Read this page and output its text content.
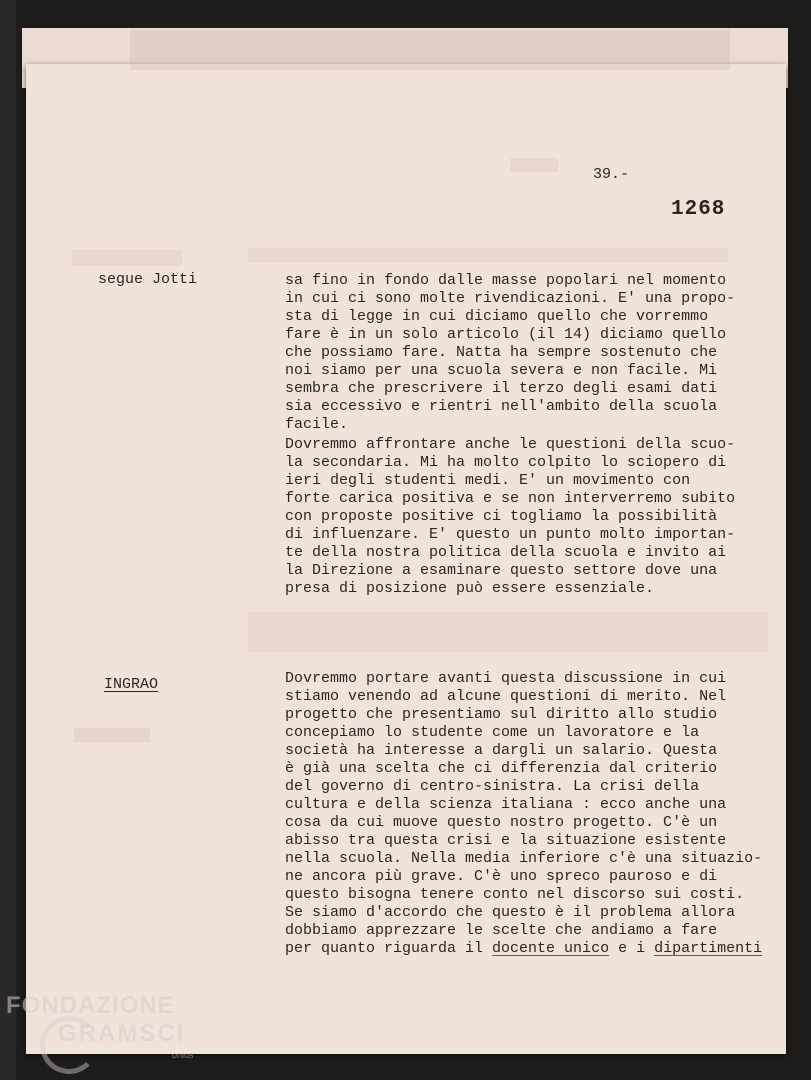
39.-
1268
segue Jotti	sa fino in fondo dalle masse popolari nel momento
in cui ci sono molte rivendicazioni. E' una propo-
sta di legge in cui diciamo quello che vorremmo
fare è in un solo articolo (il 14) diciamo quello
che possiamo fare. Natta ha sempre sostenuto che
noi siamo per una scuola severa e non facile. Mi
sembra che prescrivere il terzo degli esami dati
sia eccessivo e rientri nell'ambito della scuola
facile.
Dovremmo affrontare anche le questioni della scuo-
la secondaria. Mi ha molto colpito lo sciopero di
ieri degli studenti medi. E' un movimento con
forte carica positiva e se non interverremo subito
con proposte positive ci togliamo la possibilità
di influenzare. E' questo un punto molto importan-
te della nostra politica della scuola e invito ai
la Direzione a esaminare questo settore dove una
presa di posizione può essere essenziale.
INGRAO	Dovremmo portare avanti questa discussione in cui
stiamo venendo ad alcune questioni di merito. Nel
progetto che presentiamo sul diritto allo studio
concepiamo lo studente come un lavoratore e la
società ha interesse a dargli un salario. Questa
è già una scelta che ci differenzia dal criterio
del governo di centro-sinistra. La crisi della
cultura e della scienza italiana : ecco anche una
cosa da cui muove questo nostro progetto. C'è un
abisso tra questa crisi e la situazione esistente
nella scuola. Nella media inferiore c'è una situazio-
ne ancora più grave. C'è uno spreco pauroso e di
questo bisogna tenere conto nel discorso sui costi.
Se siamo d'accordo che questo è il problema allora
dobbiamo apprezzare le scelte che andiamo a fare
per quanto riguarda il docente unico e i dipartimenti
FONDAZIONE
GRAMSCI
onlus
